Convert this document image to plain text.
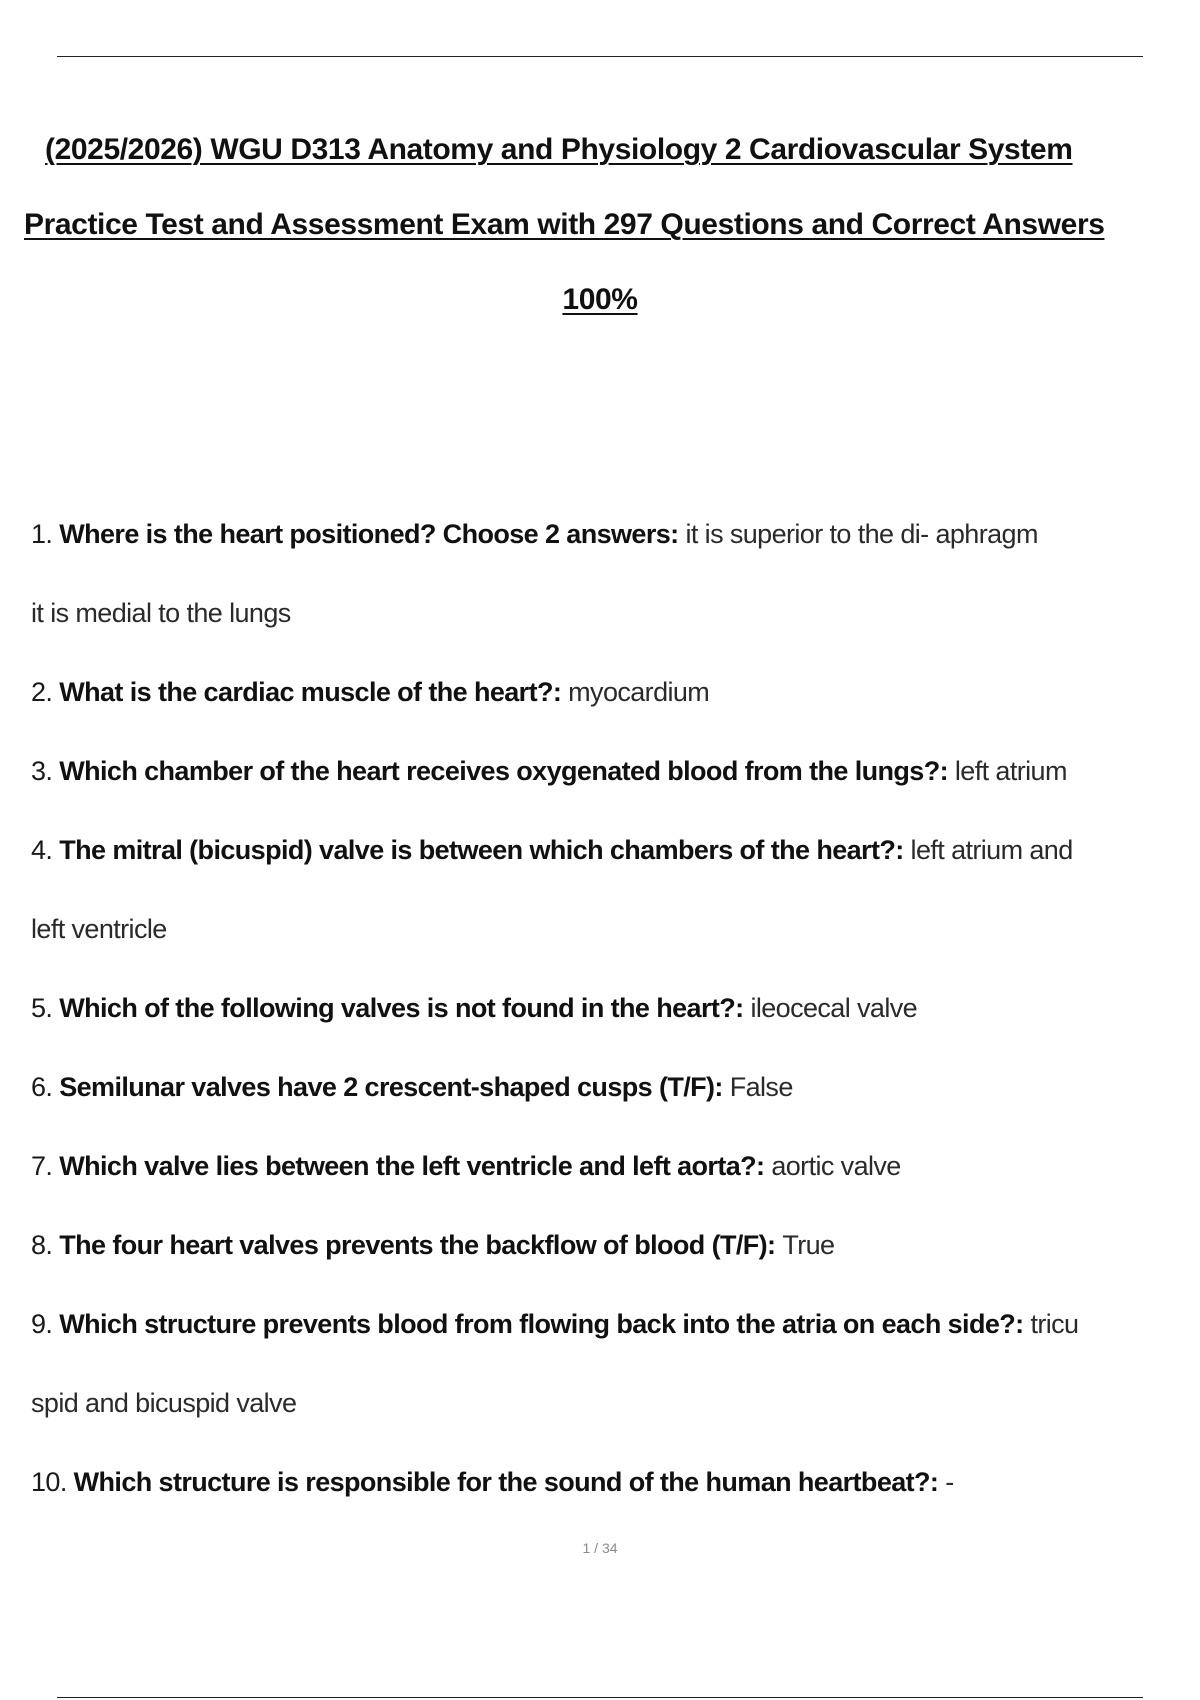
(2025/2026) WGU D313 Anatomy and Physiology 2 Cardiovascular System
Practice Test and Assessment Exam with 297 Questions and Correct Answers
100%
1. Where is the heart positioned? Choose 2 answers: it is superior to the di- aphragm
it is medial to the lungs
2. What is the cardiac muscle of the heart?: myocardium
3. Which chamber of the heart receives oxygenated blood from the lungs?: left atrium
4. The mitral (bicuspid) valve is between which chambers of the heart?: left atrium and
left ventricle
5. Which of the following valves is not found in the heart?: ileocecal valve
6. Semilunar valves have 2 crescent-shaped cusps (T/F): False
7. Which valve lies between the left ventricle and left aorta?: aortic valve
8. The four heart valves prevents the backflow of blood (T/F): True
9. Which structure prevents blood from flowing back into the atria on each side?: tricu
spid and bicuspid valve
10. Which structure is responsible for the sound of the human heartbeat?: -
1 / 34
